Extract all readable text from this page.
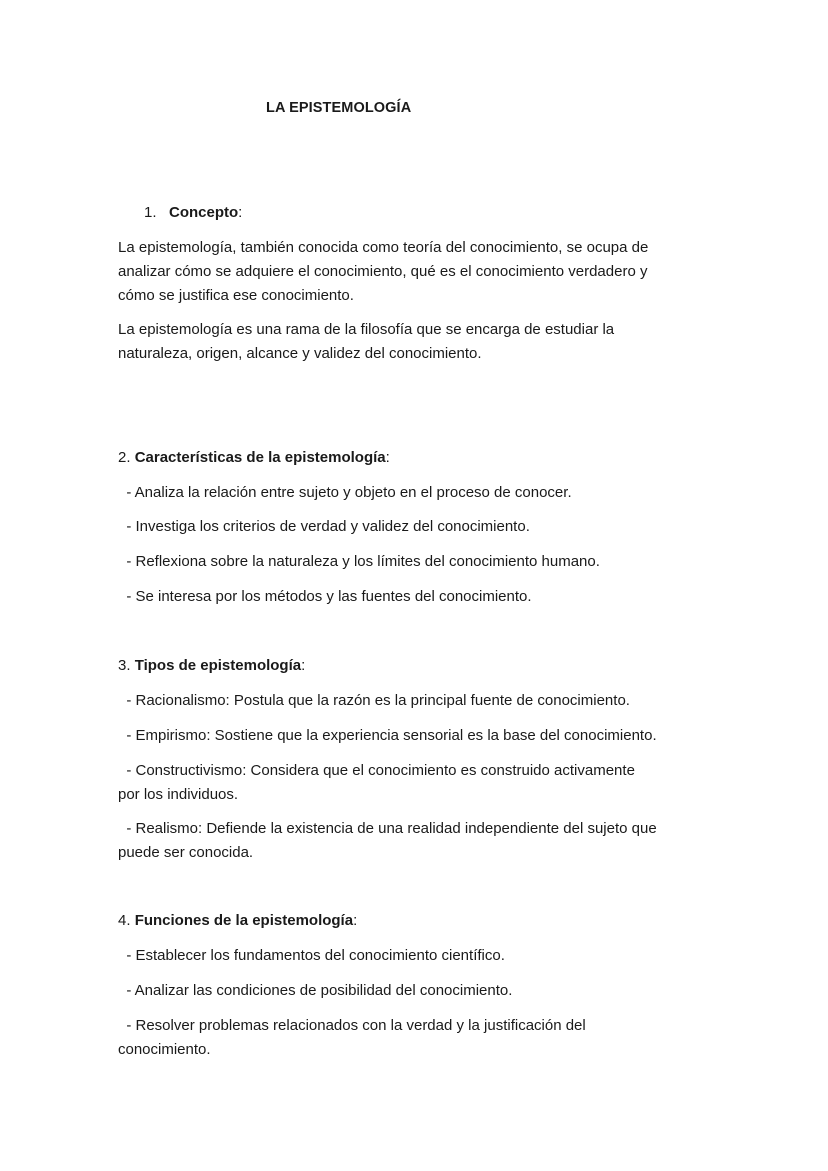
LA EPISTEMOLOGÍA

1. Concepto:

La epistemología, también conocida como teoría del conocimiento, se ocupa de

analizar cómo se adquiere el conocimiento, qué es el conocimiento verdadero y

cómo se justifica ese conocimiento.

La epistemología es una rama de la filosofía que se encarga de estudiar la

naturaleza, origen, alcance y validez del conocimiento.

2. Características de la epistemología:

- Analiza la relación entre sujeto y objeto en el proceso de conocer.

- Investiga los criterios de verdad y validez del conocimiento.

- Reflexiona sobre la naturaleza y los límites del conocimiento humano.

- Se interesa por los métodos y las fuentes del conocimiento.

3. Tipos de epistemología:

- Racionalismo: Postula que la razón es la principal fuente de conocimiento.

- Empirismo: Sostiene que la experiencia sensorial es la base del conocimiento.

- Constructivismo: Considera que el conocimiento es construido activamente

por los individuos.

- Realismo: Defiende la existencia de una realidad independiente del sujeto que

puede ser conocida.

4. Funciones de la epistemología:

- Establecer los fundamentos del conocimiento científico.

- Analizar las condiciones de posibilidad del conocimiento.

- Resolver problemas relacionados con la verdad y la justificación del

conocimiento.
